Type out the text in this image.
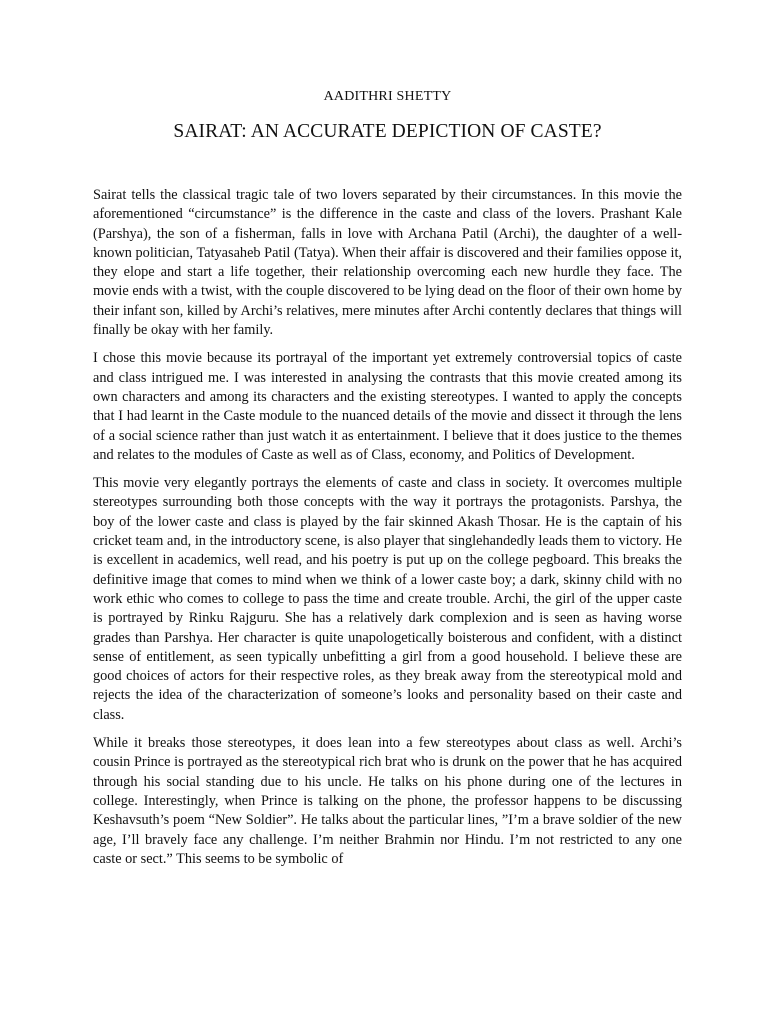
AADITHRI SHETTY

SAIRAT: AN ACCURATE DEPICTION OF CASTE?

Sairat tells the classical tragic tale of two lovers separated by their circumstances. In this movie the aforementioned “circumstance” is the difference in the caste and class of the lovers. Prashant Kale (Parshya), the son of a fisherman, falls in love with Archana Patil (Archi), the daughter of a well-known politician, Tatyasaheb Patil (Tatya). When their affair is discovered and their families oppose it, they elope and start a life together, their relationship overcoming each new hurdle they face. The movie ends with a twist, with the couple discovered to be lying dead on the floor of their own home by their infant son, killed by Archi’s relatives, mere minutes after Archi contently declares that things will finally be okay with her family.

I chose this movie because its portrayal of the important yet extremely controversial topics of caste and class intrigued me. I was interested in analysing the contrasts that this movie created among its own characters and among its characters and the existing stereotypes. I wanted to apply the concepts that I had learnt in the Caste module to the nuanced details of the movie and dissect it through the lens of a social science rather than just watch it as entertainment. I believe that it does justice to the themes and relates to the modules of Caste as well as of Class, economy, and Politics of Development.

This movie very elegantly portrays the elements of caste and class in society. It overcomes multiple stereotypes surrounding both those concepts with the way it portrays the protagonists. Parshya, the boy of the lower caste and class is played by the fair skinned Akash Thosar. He is the captain of his cricket team and, in the introductory scene, is also player that singlehandedly leads them to victory. He is excellent in academics, well read, and his poetry is put up on the college pegboard. This breaks the definitive image that comes to mind when we think of a lower caste boy; a dark, skinny child with no work ethic who comes to college to pass the time and create trouble. Archi, the girl of the upper caste is portrayed by Rinku Rajguru. She has a relatively dark complexion and is seen as having worse grades than Parshya. Her character is quite unapologetically boisterous and confident, with a distinct sense of entitlement, as seen typically unbefitting a girl from a good household. I believe these are good choices of actors for their respective roles, as they break away from the stereotypical mold and rejects the idea of the characterization of someone’s looks and personality based on their caste and class.

While it breaks those stereotypes, it does lean into a few stereotypes about class as well. Archi’s cousin Prince is portrayed as the stereotypical rich brat who is drunk on the power that he has acquired through his social standing due to his uncle. He talks on his phone during one of the lectures in college. Interestingly, when Prince is talking on the phone, the professor happens to be discussing Keshavsuth’s poem “New Soldier”. He talks about the particular lines, ”I’m a brave soldier of the new age, I’ll bravely face any challenge. I’m neither Brahmin nor Hindu. I’m not restricted to any one caste or sect.” This seems to be symbolic of
